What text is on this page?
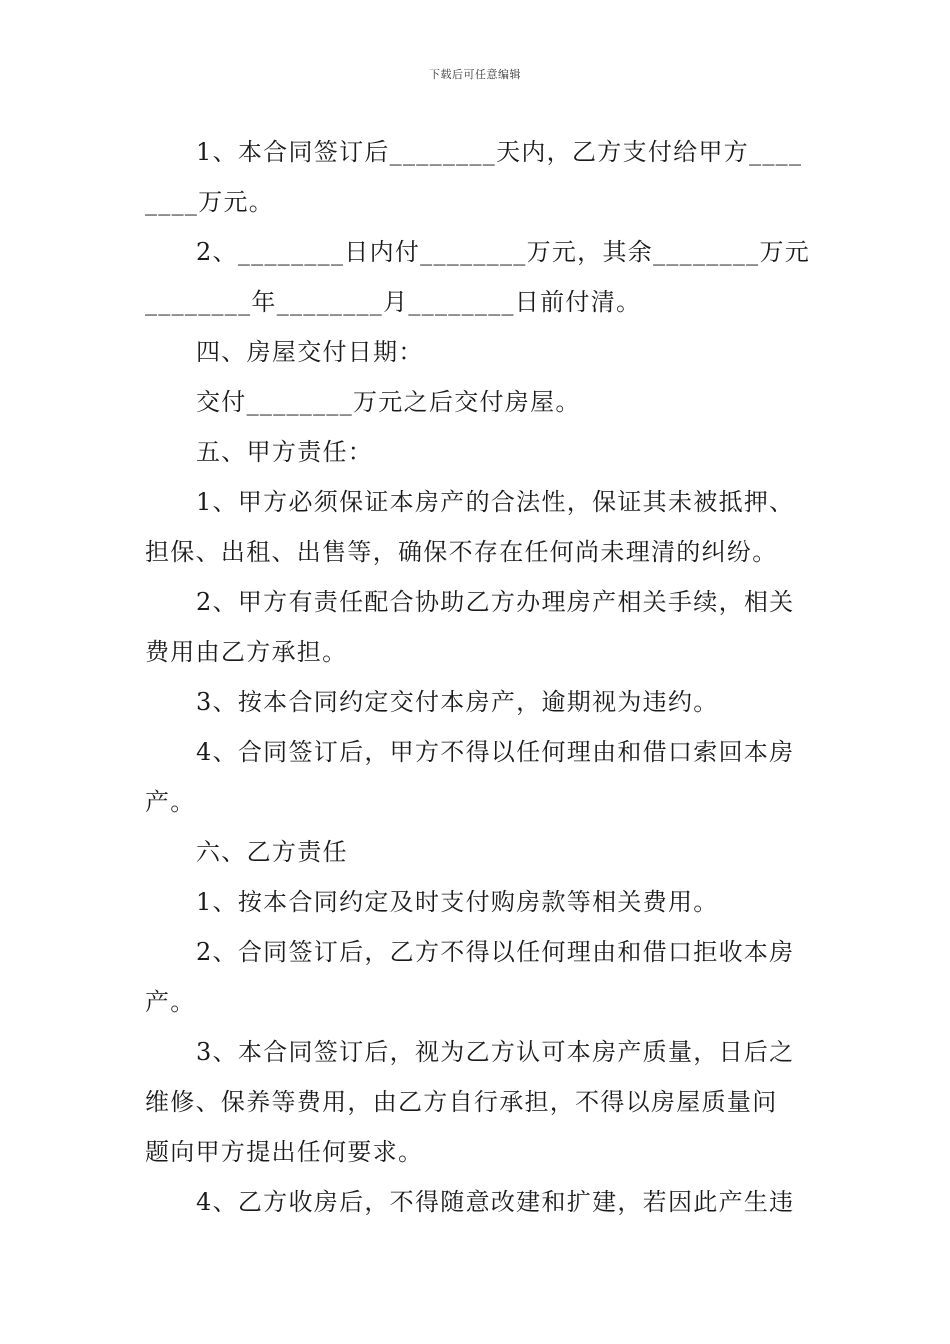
下载后可任意编辑
1、本合同签订后________天内，乙方支付给甲方____
____万元。
2、________日内付________万元，其余________万元
________年________月________日前付清。
四、房屋交付日期：
交付________万元之后交付房屋。
五、甲方责任：
1、甲方必须保证本房产的合法性，保证其未被抵押、
担保、出租、出售等，确保不存在任何尚未理清的纠纷。
2、甲方有责任配合协助乙方办理房产相关手续，相关
费用由乙方承担。
3、按本合同约定交付本房产，逾期视为违约。
4、合同签订后，甲方不得以任何理由和借口索回本房
产。
六、乙方责任
1、按本合同约定及时支付购房款等相关费用。
2、合同签订后，乙方不得以任何理由和借口拒收本房
产。
3、本合同签订后，视为乙方认可本房产质量，日后之
维修、保养等费用，由乙方自行承担，不得以房屋质量问
题向甲方提出任何要求。
4、乙方收房后，不得随意改建和扩建，若因此产生违
